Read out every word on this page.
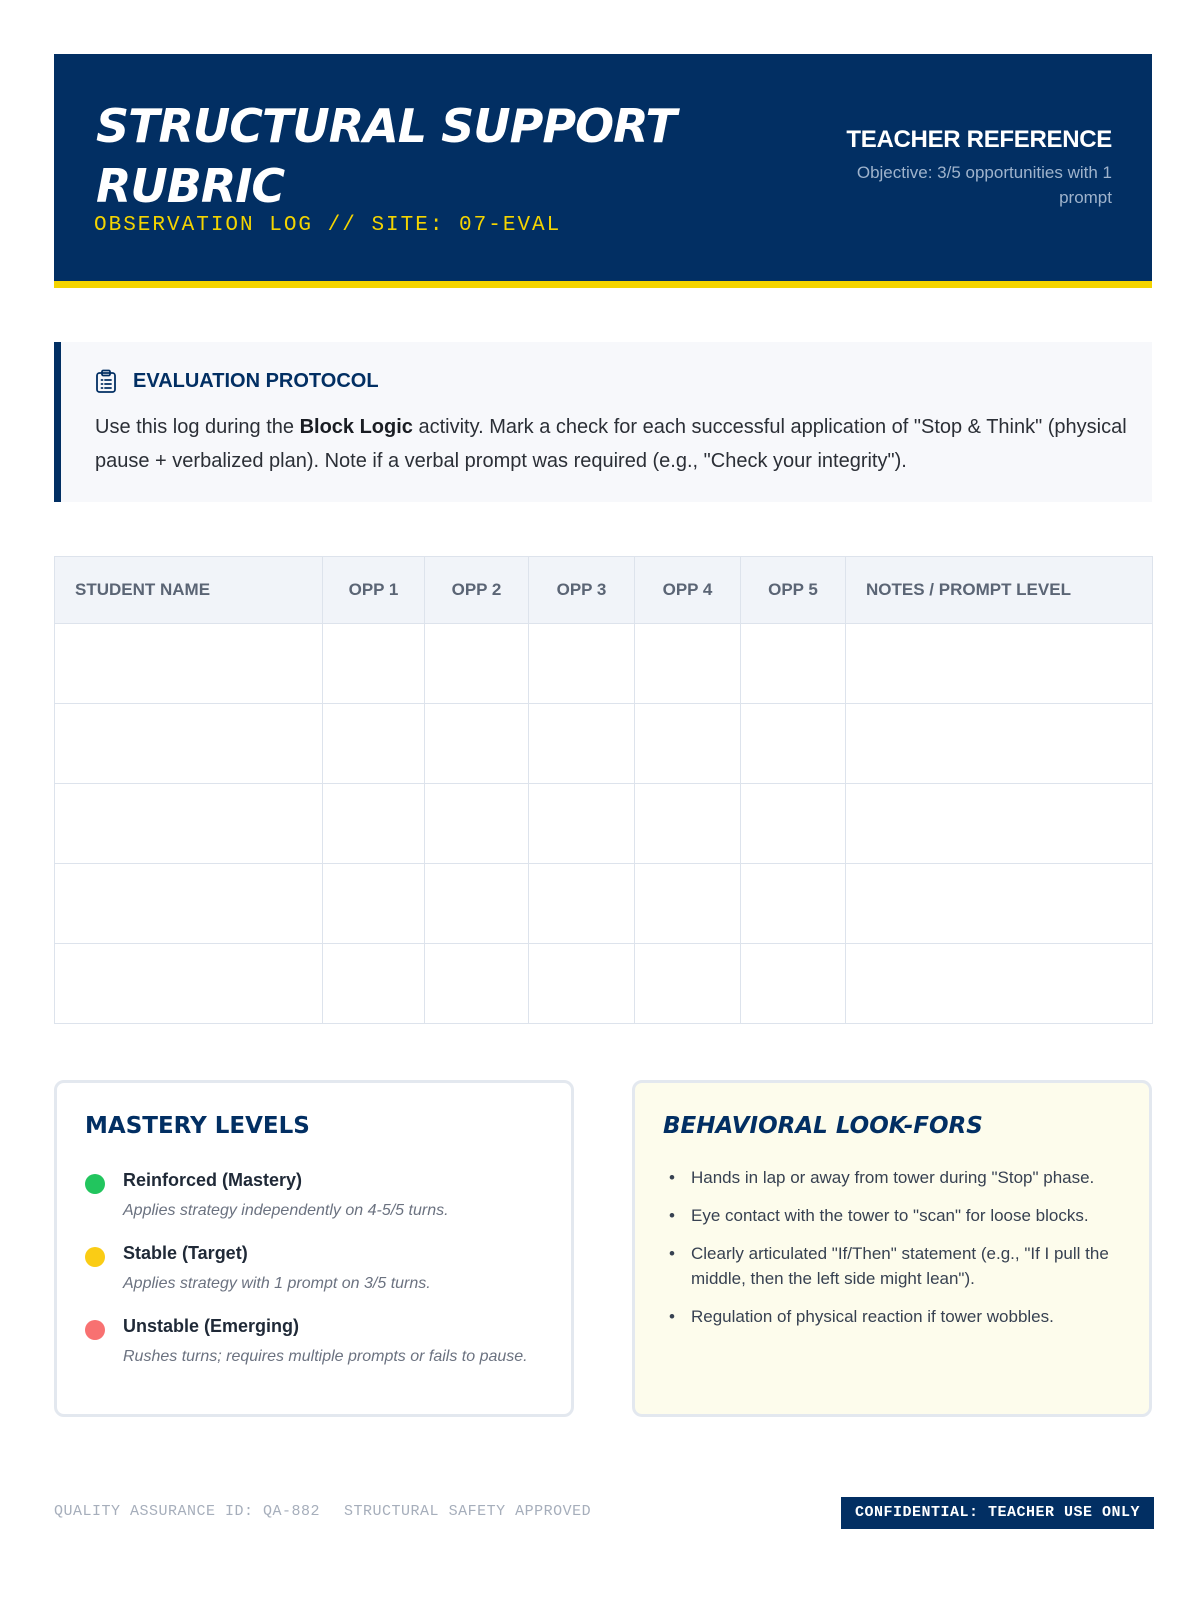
STRUCTURAL SUPPORT RUBRIC
OBSERVATION LOG // SITE: 07-EVAL
TEACHER REFERENCE
Objective: 3/5 opportunities with 1 prompt
EVALUATION PROTOCOL

Use this log during the Block Logic activity. Mark a check for each successful application of "Stop & Think" (physical pause + verbalized plan). Note if a verbal prompt was required (e.g., "Check your integrity").

STUDENT NAME	OPP 1	OPP 2	OPP 3	OPP 4	OPP 5	NOTES / PROMPT LEVEL

MASTERY LEVELS
Reinforced (Mastery)
Applies strategy independently on 4-5/5 turns.
Stable (Target)
Applies strategy with 1 prompt on 3/5 turns.
Unstable (Emerging)
Rushes turns; requires multiple prompts or fails to pause.
BEHAVIORAL LOOK-FORS
• Hands in lap or away from tower during "Stop" phase.
• Eye contact with the tower to "scan" for loose blocks.
• Clearly articulated "If/Then" statement (e.g., "If I pull the middle, then the left side might lean").
• Regulation of physical reaction if tower wobbles.
QUALITY ASSURANCE ID: QA-882 STRUCTURAL SAFETY APPROVED	CONFIDENTIAL: TEACHER USE ONLY
